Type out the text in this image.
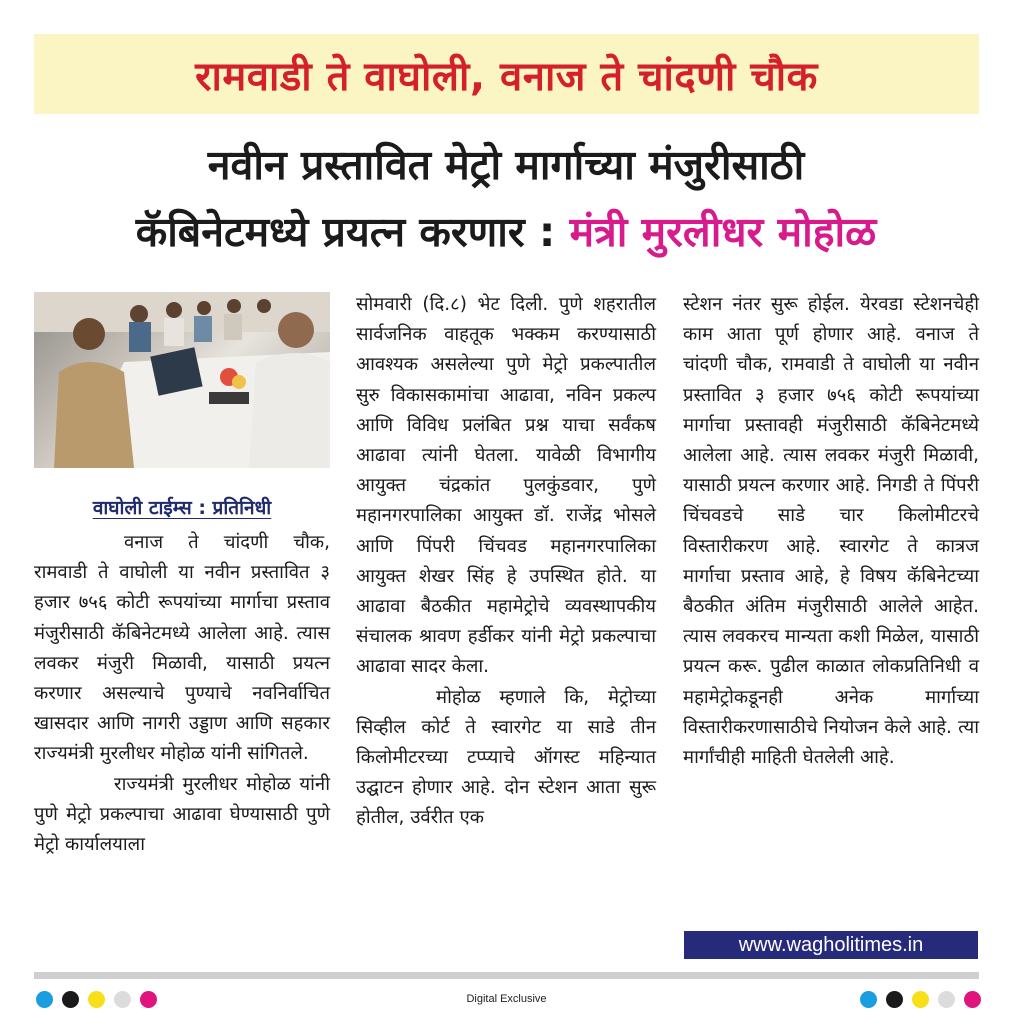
रामवाडी ते वाघोली, वनाज ते चांदणी चौक
नवीन प्रस्तावित मेट्रो मार्गाच्या मंजुरीसाठी
कॅबिनेटमध्ये प्रयत्न करणार : मंत्री मुरलीधर मोहोळ
वाघोली टाईम्स : प्रतिनिधी

वनाज ते चांदणी चौक, रामवाडी ते वाघोली या नवीन प्रस्तावित ३ हजार ७५६ कोटी रूपयांच्या मार्गाचा प्रस्ताव मंजुरीसाठी कॅबिनेटमध्ये आलेला आहे. त्यास लवकर मंजुरी मिळावी, यासाठी प्रयत्न करणार असल्याचे पुण्याचे नवनिर्वाचित खासदार आणि नागरी उड्डाण आणि सहकार राज्यमंत्री मुरलीधर मोहोळ यांनी सांगितले.

राज्यमंत्री मुरलीधर मोहोळ यांनी पुणे मेट्रो प्रकल्पाचा आढावा घेण्यासाठी पुणे मेट्रो कार्यालयाला

सोमवारी (दि.८) भेट दिली. पुणे शहरातील सार्वजनिक वाहतूक भक्कम करण्यासाठी आवश्यक असलेल्या पुणे मेट्रो प्रकल्पातील सुरु विकासकामांचा आढावा, नविन प्रकल्प आणि विविध प्रलंबित प्रश्न याचा सर्वंकष आढावा त्यांनी घेतला. यावेळी विभागीय आयुक्त चंद्रकांत पुलकुंडवार, पुणे महानगरपालिका आयुक्त डॉ. राजेंद्र भोसले आणि पिंपरी चिंचवड महानगरपालिका आयुक्त शेखर सिंह हे उपस्थित होते. या आढावा बैठकीत महामेट्रोचे व्यवस्थापकीय संचालक श्रावण हर्डीकर यांनी मेट्रो प्रकल्पाचा आढावा सादर केला.

मोहोळ म्हणाले कि, मेट्रोच्या सिव्हील कोर्ट ते स्वारगेट या साडे तीन किलोमीटरच्या टप्प्याचे ऑगस्ट महिन्यात उद्घाटन होणार आहे. दोन स्टेशन आता सुरू होतील, उर्वरीत एक

स्टेशन नंतर सुरू होईल. येरवडा स्टेशनचेही काम आता पूर्ण होणार आहे. वनाज ते चांदणी चौक, रामवाडी ते वाघोली या नवीन प्रस्तावित ३ हजार ७५६ कोटी रूपयांच्या मार्गाचा प्रस्तावही मंजुरीसाठी कॅबिनेटमध्ये आलेला आहे. त्यास लवकर मंजुरी मिळावी, यासाठी प्रयत्न करणार आहे. निगडी ते पिंपरी चिंचवडचे साडे चार किलोमीटरचे विस्तारीकरण आहे. स्वारगेट ते कात्रज मार्गाचा प्रस्ताव आहे, हे विषय कॅबिनेटच्या बैठकीत अंतिम मंजुरीसाठी आलेले आहेत. त्यास लवकरच मान्यता कशी मिळेल, यासाठी प्रयत्न करू. पुढील काळात लोकप्रतिनिधी व महामेट्रोकडूनही अनेक मार्गाच्या विस्तारीकरणासाठीचे नियोजन केले आहे. त्या मार्गांचीही माहिती घेतलेली आहे.

www.wagholitimes.in
Digital Exclusive
